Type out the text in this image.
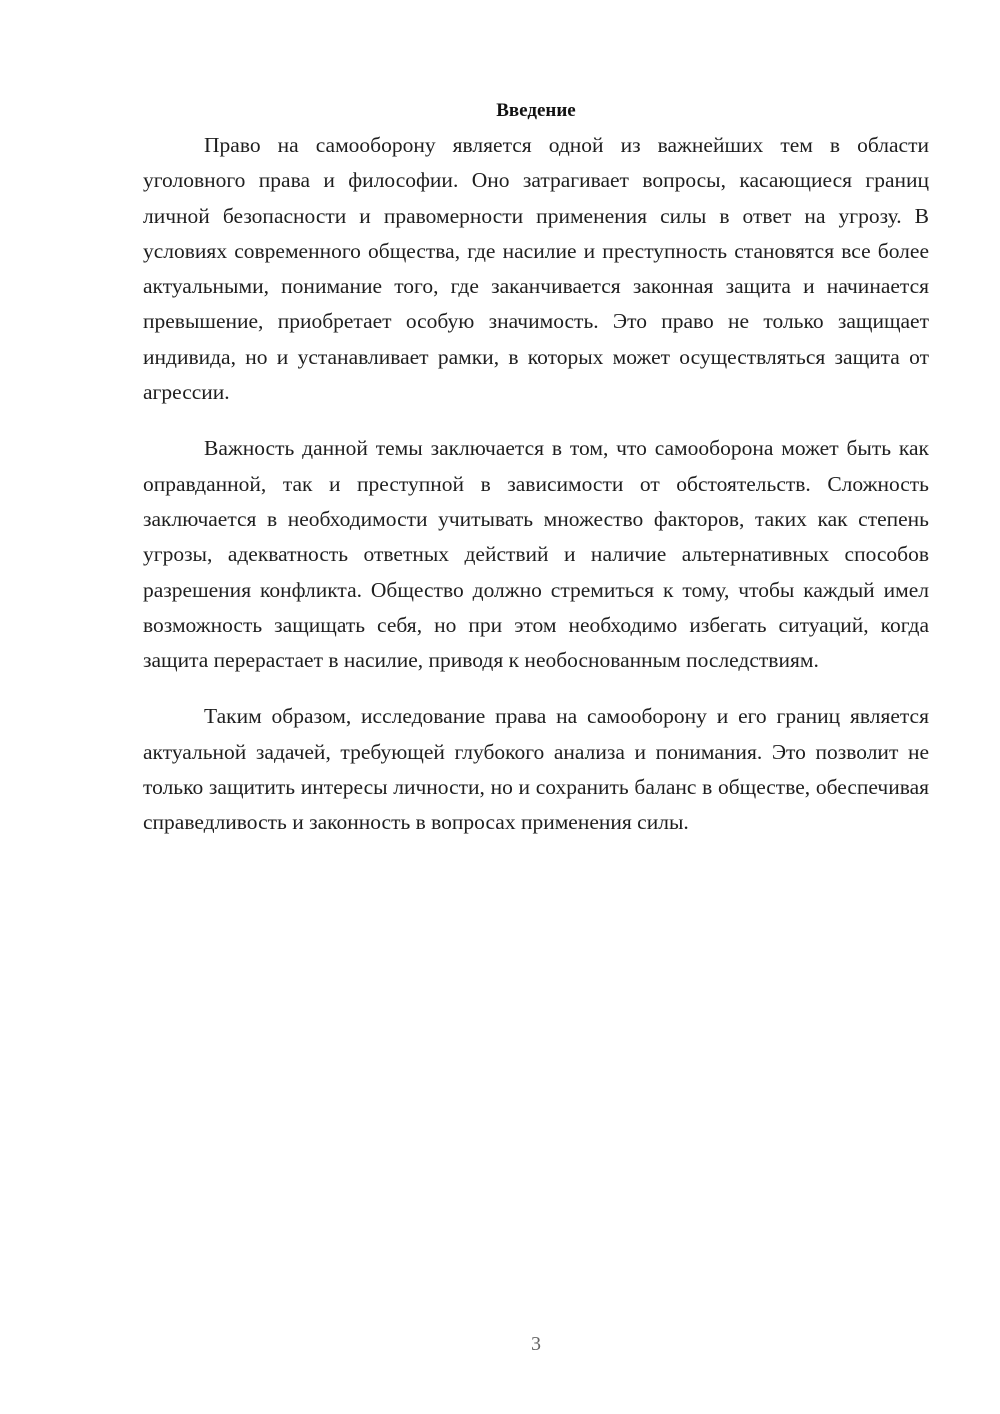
Введение

Право на самооборону является одной из важнейших тем в области уголовного права и философии. Оно затрагивает вопросы, касающиеся границ личной безопасности и правомерности применения силы в ответ на угрозу. В условиях современного общества, где насилие и преступность становятся все более актуальными, понимание того, где заканчивается законная защита и начинается превышение, приобретает особую значимость. Это право не только защищает индивида, но и устанавливает рамки, в которых может осуществляться защита от агрессии.

Важность данной темы заключается в том, что самооборона может быть как оправданной, так и преступной в зависимости от обстоятельств. Сложность заключается в необходимости учитывать множество факторов, таких как степень угрозы, адекватность ответных действий и наличие альтернативных способов разрешения конфликта. Общество должно стремиться к тому, чтобы каждый имел возможность защищать себя, но при этом необходимо избегать ситуаций, когда защита перерастает в насилие, приводя к необоснованным последствиям.

Таким образом, исследование права на самооборону и его границ является актуальной задачей, требующей глубокого анализа и понимания. Это позволит не только защитить интересы личности, но и сохранить баланс в обществе, обеспечивая справедливость и законность в вопросах применения силы.

3
